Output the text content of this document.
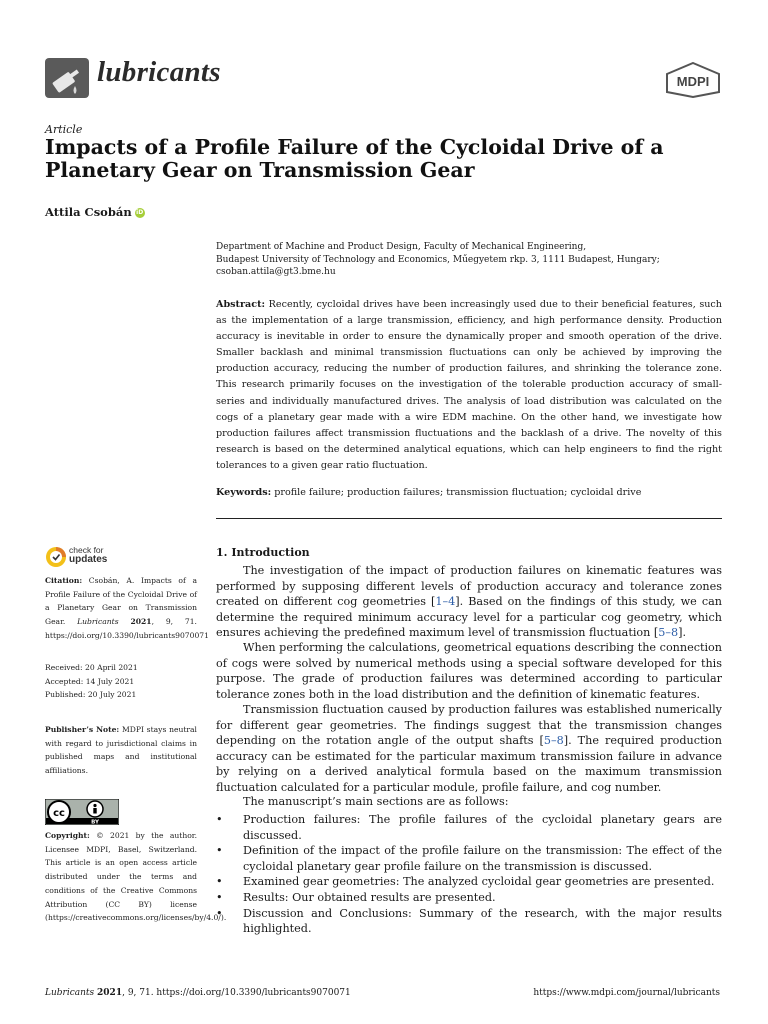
lubricants	MDPI
Article
Impacts of a Profile Failure of the Cycloidal Drive of a Planetary Gear on Transmission Gear
Attila Csobán iD
Department of Machine and Product Design, Faculty of Mechanical Engineering,
Budapest University of Technology and Economics, Műegyetem rkp. 3, 1111 Budapest, Hungary;
csoban.attila@gt3.bme.hu
Abstract: Recently, cycloidal drives have been increasingly used due to their beneficial features, such as the implementation of a large transmission, efficiency, and high performance density. Production accuracy is inevitable in order to ensure the dynamically proper and smooth operation of the drive. Smaller backlash and minimal transmission fluctuations can only be achieved by improving the production accuracy, reducing the number of production failures, and shrinking the tolerance zone. This research primarily focuses on the investigation of the tolerable production accuracy of small-series and individually manufactured drives. The analysis of load distribution was calculated on the cogs of a planetary gear made with a wire EDM machine. On the other hand, we investigate how production failures affect transmission fluctuations and the backlash of a drive. The novelty of this research is based on the determined analytical equations, which can help engineers to find the right tolerances to a given gear ratio fluctuation.
Keywords: profile failure; production failures; transmission fluctuation; cycloidal drive
check for
updates
Citation: Csobán, A. Impacts of a Profile Failure of the Cycloidal Drive of a Planetary Gear on Transmission Gear. Lubricants 2021, 9, 71. https://doi.org/10.3390/lubricants9070071
Received: 20 April 2021
Accepted: 14 July 2021
Published: 20 July 2021
Publisher’s Note: MDPI stays neutral with regard to jurisdictional claims in published maps and institutional affiliations.
cc
BY
Copyright: © 2021 by the author. Licensee MDPI, Basel, Switzerland. This article is an open access article distributed under the terms and conditions of the Creative Commons Attribution (CC BY) license (https://creativecommons.org/licenses/by/4.0/).
1. Introduction
The investigation of the impact of production failures on kinematic features was performed by supposing different levels of production accuracy and tolerance zones created on different cog geometries [1–4]. Based on the findings of this study, we can determine the required minimum accuracy level for a particular cog geometry, which ensures achieving the predefined maximum level of transmission fluctuation [5–8].
When performing the calculations, geometrical equations describing the connection of cogs were solved by numerical methods using a special software developed for this purpose. The grade of production failures was determined according to particular tolerance zones both in the load distribution and the definition of kinematic features.
Transmission fluctuation caused by production failures was established numerically for different gear geometries. The findings suggest that the transmission changes depending on the rotation angle of the output shafts [5–8]. The required production accuracy can be estimated for the particular maximum transmission failure in advance by relying on a derived analytical formula based on the maximum transmission fluctuation calculated for a particular module, profile failure, and cog number.
The manuscript’s main sections are as follows:
• Production failures: The profile failures of the cycloidal planetary gears are discussed.
• Definition of the impact of the profile failure on the transmission: The effect of the cycloidal planetary gear profile failure on the transmission is discussed.
• Examined gear geometries: The analyzed cycloidal gear geometries are presented.
• Results: Our obtained results are presented.
• Discussion and Conclusions: Summary of the research, with the major results highlighted.
Lubricants 2021, 9, 71. https://doi.org/10.3390/lubricants9070071	https://www.mdpi.com/journal/lubricants
